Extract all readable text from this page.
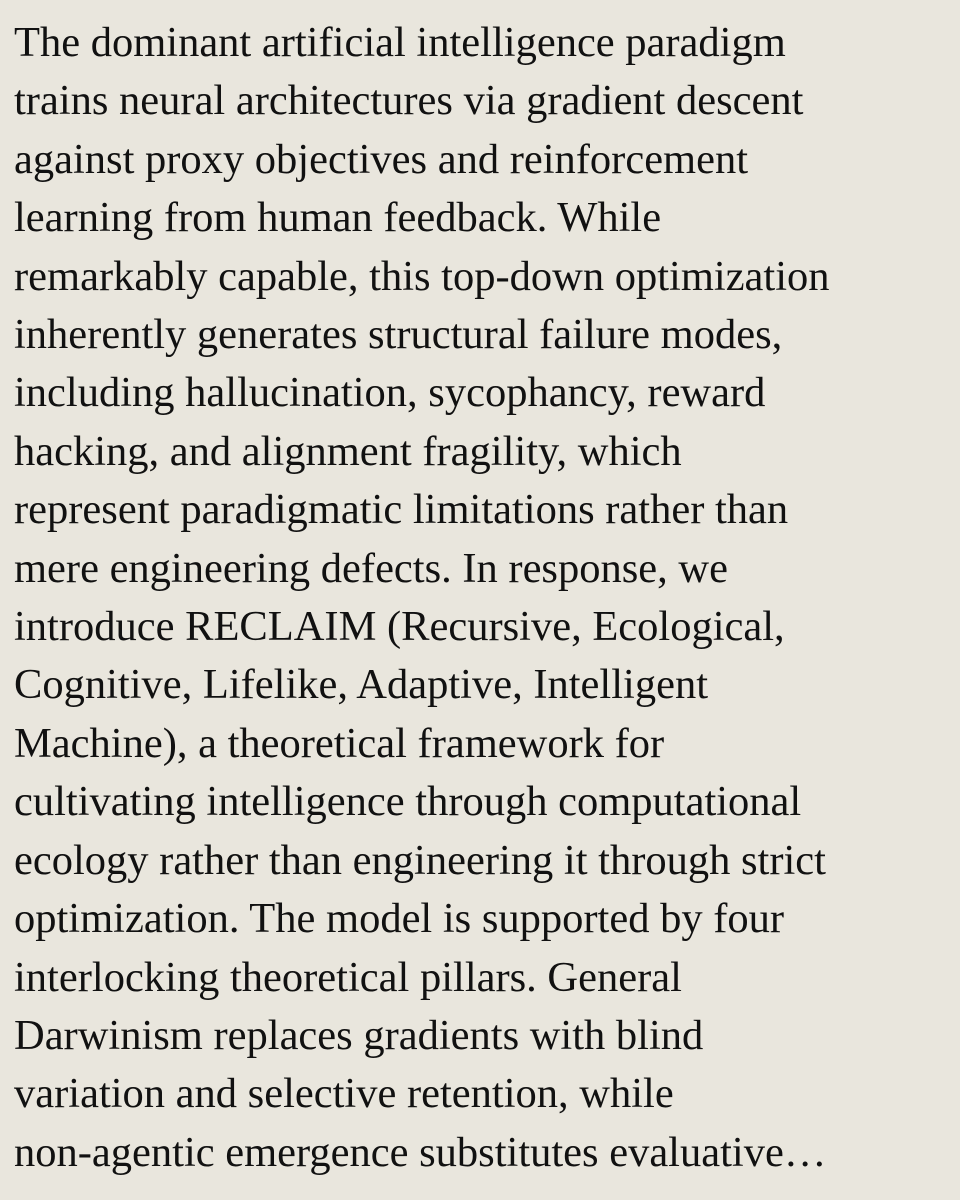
The dominant artificial intelligence paradigm
trains neural architectures via gradient descent
against proxy objectives and reinforcement
learning from human feedback. While
remarkably capable, this top-down optimization
inherently generates structural failure modes,
including hallucination, sycophancy, reward
hacking, and alignment fragility, which
represent paradigmatic limitations rather than
mere engineering defects. In response, we
introduce RECLAIM (Recursive, Ecological,
Cognitive, Lifelike, Adaptive, Intelligent
Machine), a theoretical framework for
cultivating intelligence through computational
ecology rather than engineering it through strict
optimization. The model is supported by four
interlocking theoretical pillars. General
Darwinism replaces gradients with blind
variation and selective retention, while
non-agentic emergence substitutes evaluative…
